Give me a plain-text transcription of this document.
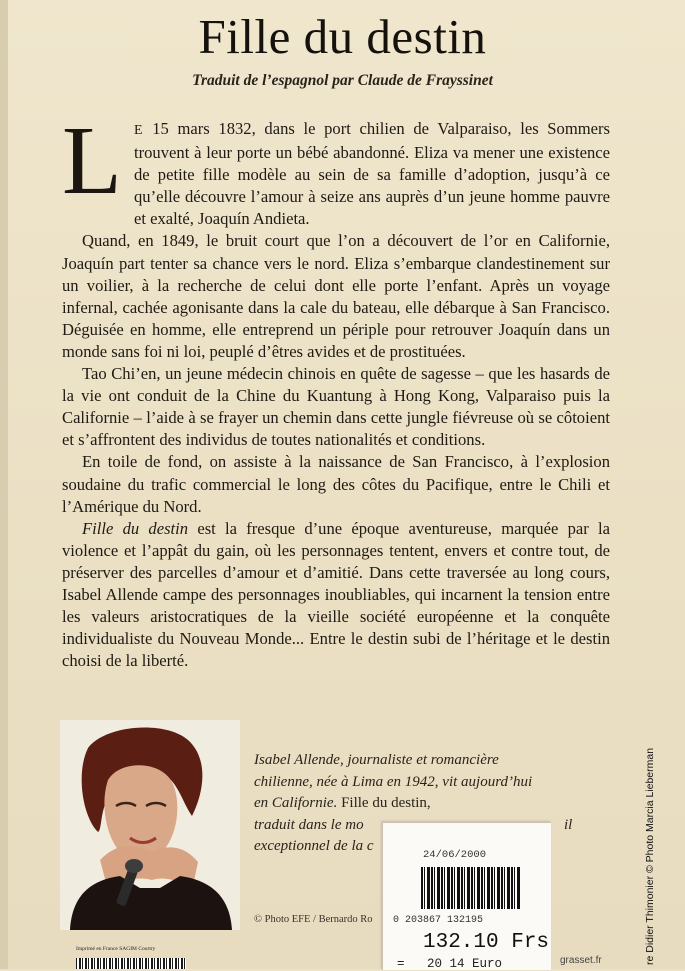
Fille du destin
Traduit de l’espagnol par Claude de Frayssinet
L E 15 mars 1832, dans le port chilien de Valparaiso, les Sommers trouvent à leur porte un bébé abandonné. Eliza va mener une existence de petite fille modèle au sein de sa famille d’adoption, jusqu’à ce qu’elle découvre l’amour à seize ans auprès d’un jeune homme pauvre et exalté, Joaquín Andieta.

Quand, en 1849, le bruit court que l’on a découvert de l’or en Californie, Joaquín part tenter sa chance vers le nord. Eliza s’embarque clandestinement sur un voilier, à la recherche de celui dont elle porte l’enfant. Après un voyage infernal, cachée agonisante dans la cale du bateau, elle débarque à San Francisco. Déguisée en homme, elle entreprend un périple pour retrouver Joaquín dans un monde sans foi ni loi, peuplé d’êtres avides et de prostituées.

Tao Chi’en, un jeune médecin chinois en quête de sagesse – que les hasards de la vie ont conduit de la Chine du Kuantung à Hong Kong, Valparaiso puis la Californie – l’aide à se frayer un chemin dans cette jungle fiévreuse où se côtoient et s’affrontent des individus de toutes nationalités et conditions.

En toile de fond, on assiste à la naissance de San Francisco, à l’explosion soudaine du trafic commercial le long des côtes du Pacifique, entre le Chili et l’Amérique du Nord.

Fille du destin est la fresque d’une époque aventureuse, marquée par la violence et l’appât du gain, où les personnages tentent, envers et contre tout, de préserver des parcelles d’amour et d’amitié. Dans cette traversée au long cours, Isabel Allende campe des personnages inoubliables, qui incarnent la tension entre les valeurs aristocratiques de la vieille société européenne et la conquête individualiste du Nouveau Monde... Entre le destin subi de l’héritage et le destin choisi de la liberté.

Isabel Allende, journaliste et romancière
chilienne, née à Lima en 1942, vit aujourd’hui
en Californie. Fille du destin,
traduit dans le mo	il
exceptionnel de la c
© Photo EFE / Bernardo Ro
Imprimé en France SAGIM Courtry	re Didier Thimonier © Photo Marcia Lieberman
24/06/2000
0 203867 132195
132.10 Frs
=   20 14 Euro	grasset.fr
